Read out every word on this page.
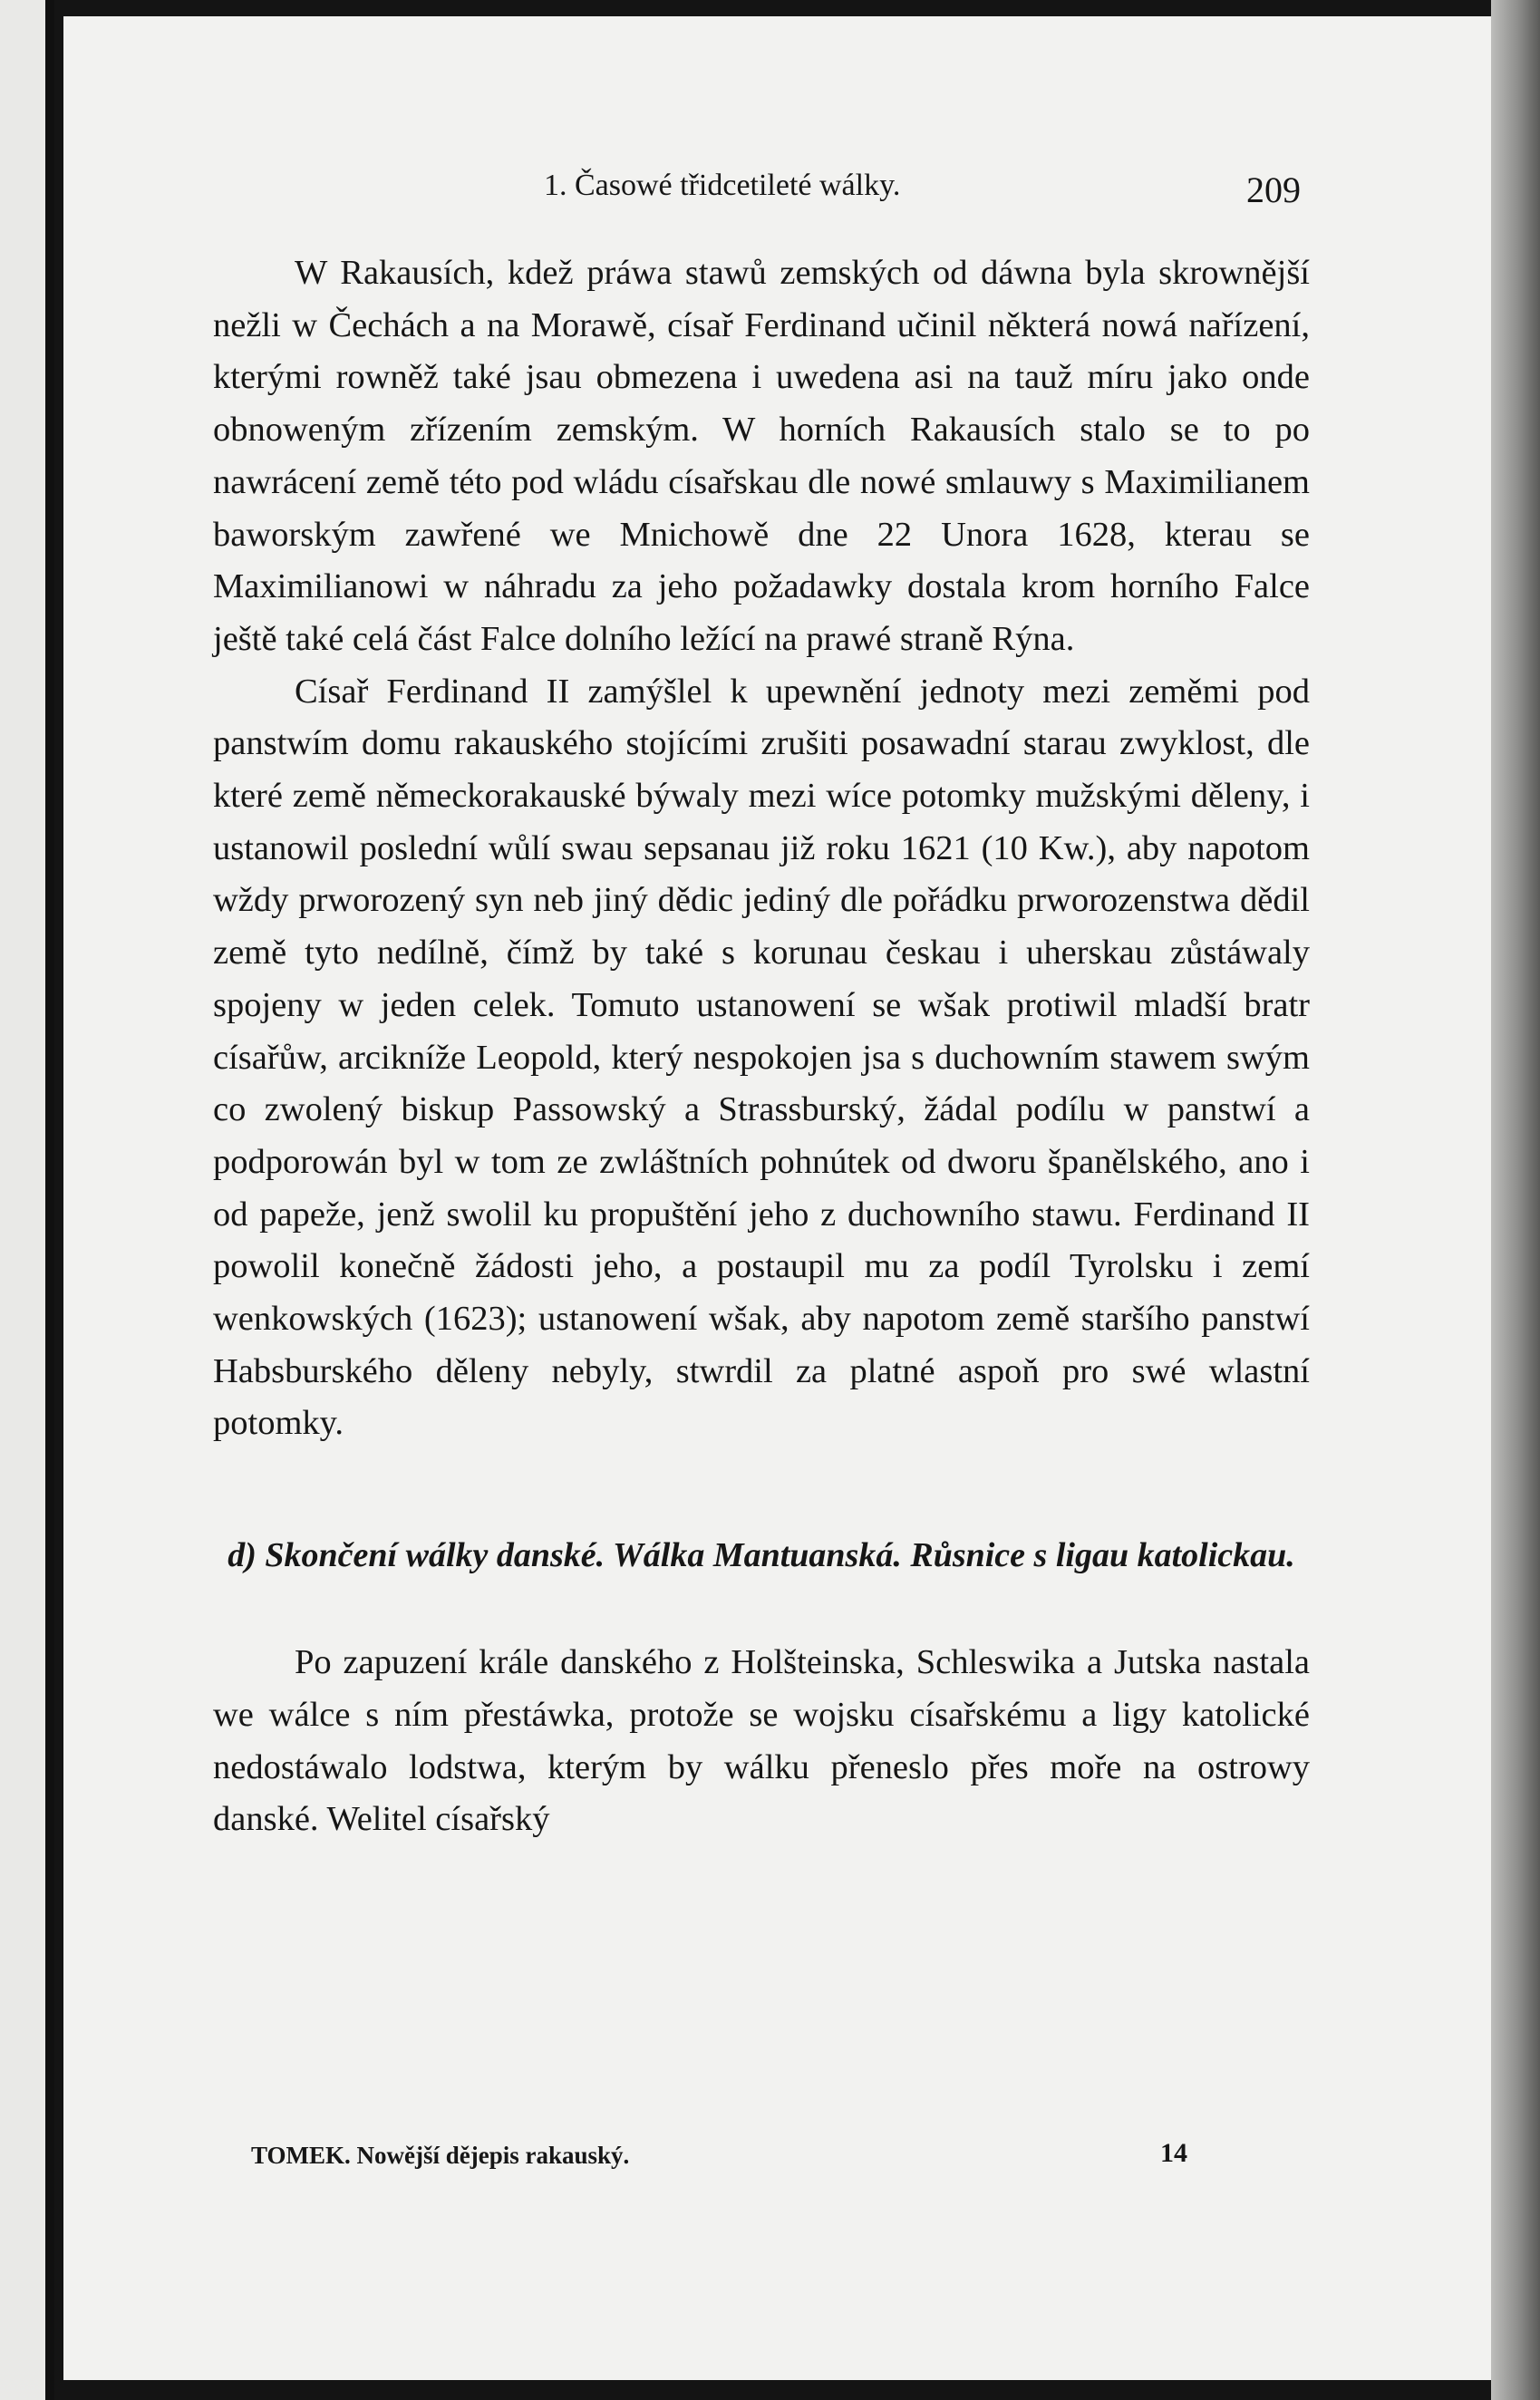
1. Časowé třidcetileté wálky.	209

W Rakausích, kdež práwa stawů zemských od dáwna byla skrownější nežli w Čechách a na Morawě, císař Ferdinand učinil některá nowá nařízení, kterými rowněž také jsau obmezena i uwedena asi na tauž míru jako onde obnoweným zřízením zemským. W horních Rakausích stalo se to po nawrácení země této pod wládu císařskau dle nowé smlauwy s Maximilianem baworským zawřené we Mnichowě dne 22 Unora 1628, kterau se Maximilianowi w náhradu za jeho požadawky dostala krom horního Falce ještě také celá část Falce dolního ležící na prawé straně Rýna.

Císař Ferdinand II zamýšlel k upewnění jednoty mezi zeměmi pod panstwím domu rakauského stojícími zrušiti posawadní starau zwyklost, dle které země německorakauské býwaly mezi wíce potomky mužskými děleny, i ustanowil poslední wůlí swau sepsanau již roku 1621 (10 Kw.), aby napotom wždy prworozený syn neb jiný dědic jediný dle pořádku prworozenstwa dědil země tyto nedílně, čímž by také s korunau českau i uherskau zůstáwaly spojeny w jeden celek. Tomuto ustanowení se wšak protiwil mladší bratr císařůw, arcikníže Leopold, který nespokojen jsa s duchowním stawem swým co zwolený biskup Passowský a Strassburský, žádal podílu w panstwí a podporowán byl w tom ze zwláštních pohnútek od dworu španělského, ano i od papeže, jenž swolil ku propuštění jeho z duchowního stawu. Ferdinand II powolil konečně žádosti jeho, a postaupil mu za podíl Tyrolsku i zemí wenkowských (1623); ustanowení wšak, aby napotom země staršího panstwí Habsburského děleny nebyly, stwrdil za platné aspoň pro swé wlastní potomky.

d) Skončení wálky danské. Wálka Mantuanská. Růsnice s ligau katolickau.

Po zapuzení krále danského z Holšteinska, Schleswika a Jutska nastala we wálce s ním přestáwka, protože se wojsku císařskému a ligy katolické nedostáwalo lodstwa, kterým by wálku přeneslo přes moře na ostrowy danské. Welitel císařský

TOMEK. Nowější dějepis rakauský.	14
